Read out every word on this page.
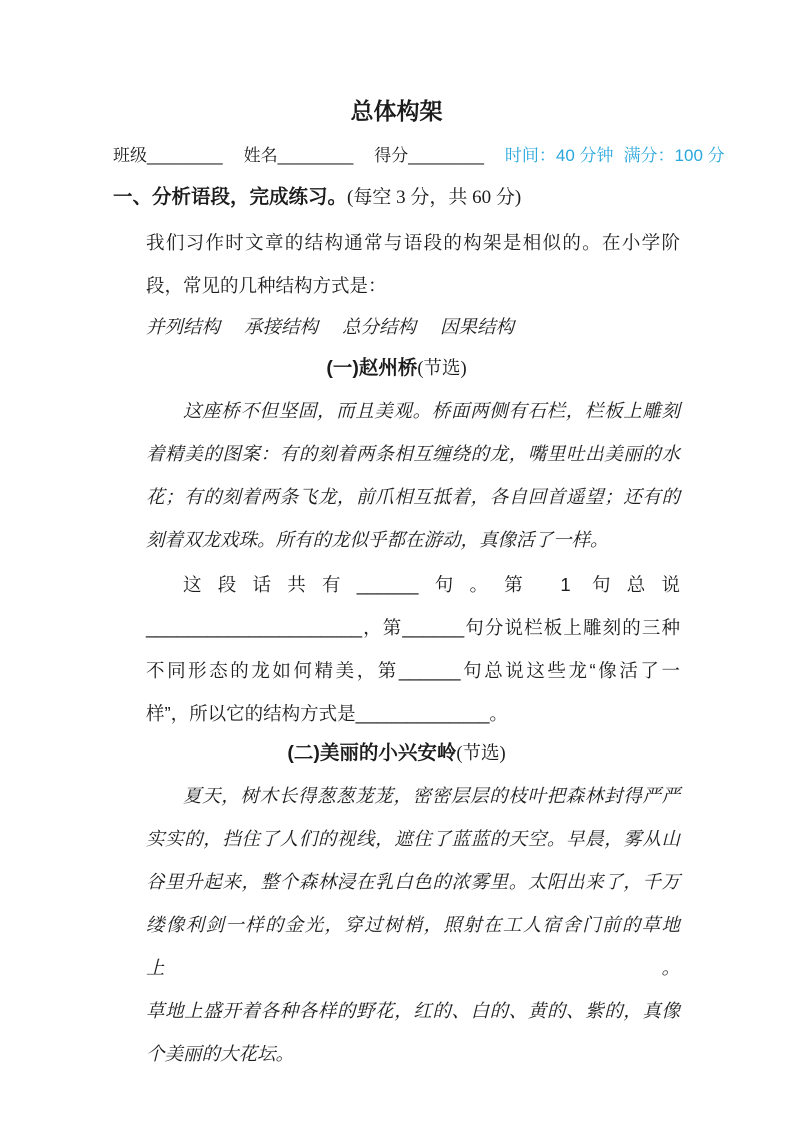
总体构架
班级________ 姓名________ 得分________ 时间：40 分钟 满分：100 分
一、分析语段，完成练习。(每空 3 分，共 60 分)
我们习作时文章的结构通常与语段的构架是相似的。在小学阶
段，常见的几种结构方式是：
并列结构 承接结构 总分结构 因果结构
(一)赵州桥(节选)
这座桥不但坚固，而且美观。桥面两侧有石栏，栏板上雕刻
着精美的图案：有的刻着两条相互缠绕的龙，嘴里吐出美丽的水
花；有的刻着两条飞龙，前爪相互抵着，各自回首遥望；还有的
刻着双龙戏珠。所有的龙似乎都在游动，真像活了一样。
这段话共有______句。第 1 句总说
_____________________，第______句分说栏板上雕刻的三种
不同形态的龙如何精美，第______句总说这些龙“像活了一
样”，所以它的结构方式是_____________。
(二)美丽的小兴安岭(节选)
夏天，树木长得葱葱茏茏，密密层层的枝叶把森林封得严严
实实的，挡住了人们的视线，遮住了蓝蓝的天空。早晨，雾从山
谷里升起来，整个森林浸在乳白色的浓雾里。太阳出来了，千万
缕像利剑一样的金光，穿过树梢，照射在工人宿舍门前的草地上。
草地上盛开着各种各样的野花，红的、白的、黄的、紫的，真像
个美丽的大花坛。
